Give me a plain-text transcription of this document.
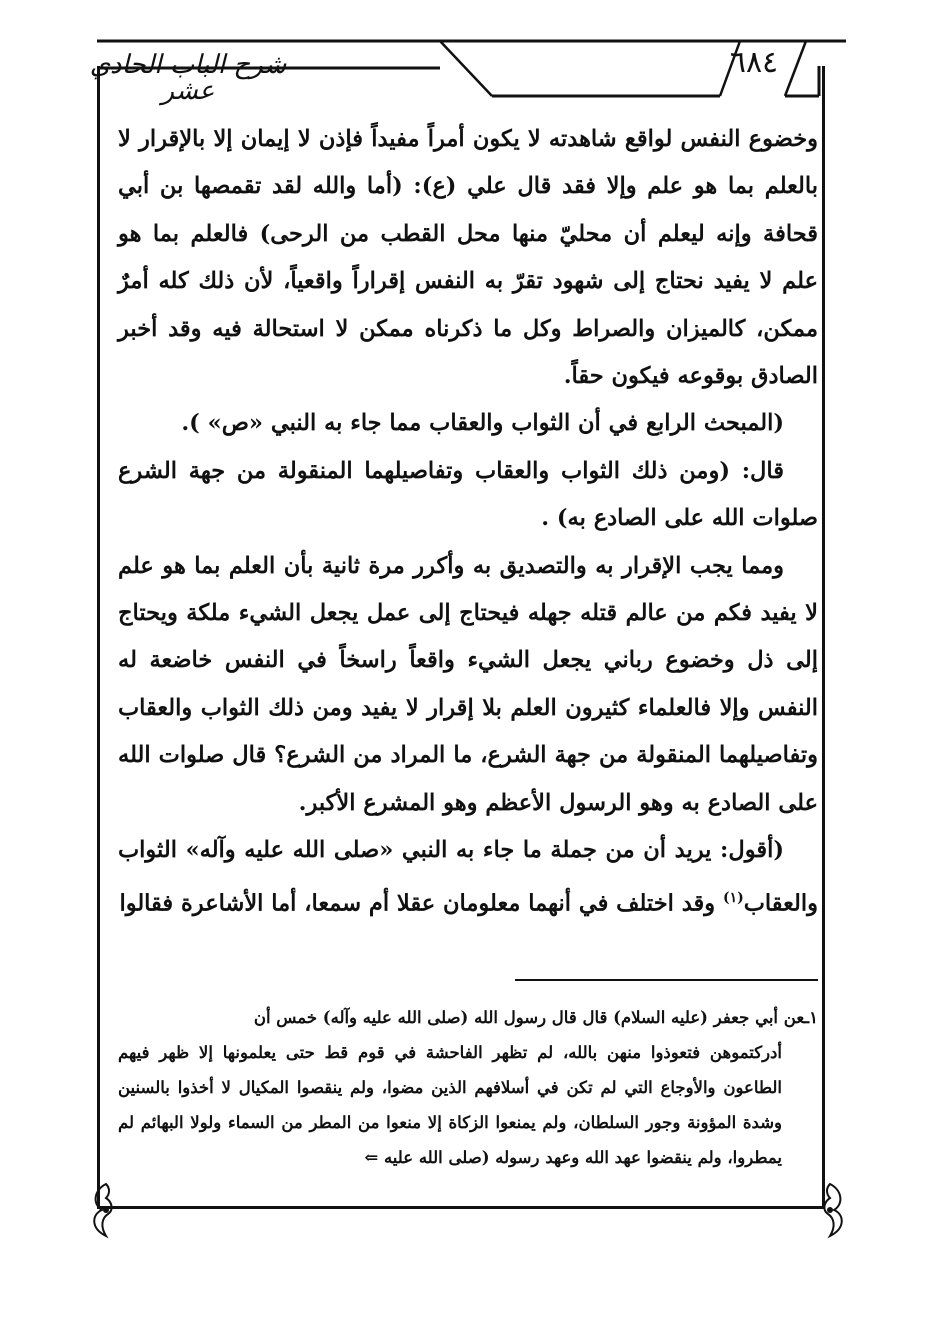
شرح الباب الحادي عشر
٦٨٤

وخضوع النفس لواقع شاهدته لا يكون أمراً مفيداً فإذن لا إيمان إلا بالإقرار لا بالعلم بما هو علم وإلا فقد قال علي (ع): (أما والله لقد تقمصها بن أبي قحافة وإنه ليعلم أن محليّ منها محل القطب من الرحى) فالعلم بما هو علم لا يفيد نحتاج إلى شهود تقرّ به النفس إقراراً واقعياً، لأن ذلك كله أمرٌ ممكن، كالميزان والصراط وكل ما ذكرناه ممكن لا استحالة فيه وقد أخبر الصادق بوقوعه فيكون حقاً.

(المبحث الرابع في أن الثواب والعقاب مما جاء به النبي «ص» ).

قال: (ومن ذلك الثواب والعقاب وتفاصيلهما المنقولة من جهة الشرع صلوات الله على الصادع به) .

ومما يجب الإقرار به والتصديق به وأكرر مرة ثانية بأن العلم بما هو علم لا يفيد فكم من عالم قتله جهله فيحتاج إلى عمل يجعل الشيء ملكة ويحتاج إلى ذل وخضوع رباني يجعل الشيء واقعاً راسخاً في النفس خاضعة له النفس وإلا فالعلماء كثيرون العلم بلا إقرار لا يفيد ومن ذلك الثواب والعقاب وتفاصيلهما المنقولة من جهة الشرع، ما المراد من الشرع؟ قال صلوات الله على الصادع به وهو الرسول الأعظم وهو المشرع الأكبر.

(أقول: يريد أن من جملة ما جاء به النبي «صلى الله عليه وآله» الثواب والعقاب$^{(١)}$ وقد اختلف في أنهما معلومان عقلا أم سمعا، أما الأشاعرة فقالوا

١ـعن أبي جعفر (عليه السلام) قال قال رسول الله (صلى الله عليه وآله) خمس أن

أدركتموهن فتعوذوا منهن بالله، لم تظهر الفاحشة في قوم قط حتى يعلمونها إلا ظهر فيهم الطاعون والأوجاع التي لم تكن في أسلافهم الذين مضوا، ولم ينقصوا المكيال لا أخذوا بالسنين وشدة المؤونة وجور السلطان، ولم يمنعوا الزكاة إلا منعوا من المطر من السماء ولولا البهائم لم يمطروا، ولم ينقضوا عهد الله وعهد رسوله (صلى الله عليه ⇐
